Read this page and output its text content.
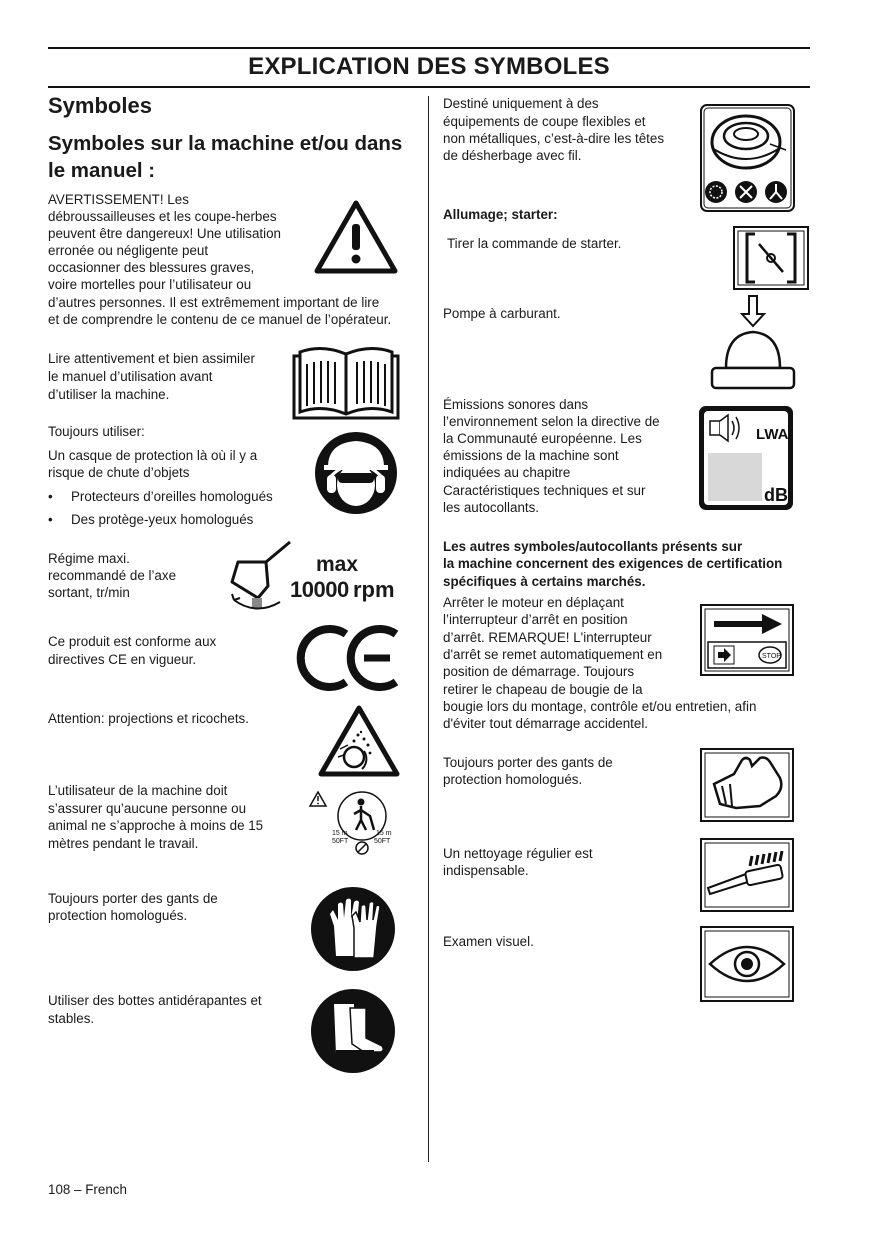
EXPLICATION DES SYMBOLES
Symboles
Symboles sur la machine et/ou dans le manuel :
AVERTISSEMENT! Les
débroussailleuses et les coupe-herbes
peuvent être dangereux! Une utilisation
erronée ou négligente peut
occasionner des blessures graves,
voire mortelles pour l’utilisateur ou
d’autres personnes. Il est extrêmement important de lire
et de comprendre le contenu de ce manuel de l’opérateur.
Lire attentivement et bien assimiler
le manuel d’utilisation avant
d’utiliser la machine.
Toujours utiliser:
Un casque de protection là où il y a
risque de chute d’objets
• Protecteurs d’oreilles homologués
• Des protège-yeux homologués
Régime maxi.
recommandé de l’axe
sortant, tr/min
max
10000 rpm
Ce produit est conforme aux
directives CE en vigueur.
Attention: projections et ricochets.
L’utilisateur de la machine doit
s’assurer qu’aucune personne ou
animal ne s’approche à moins de 15
mètres pendant le travail.
15 m
50FT
15 m
50FT
Toujours porter des gants de
protection homologués.
Utiliser des bottes antidérapantes et
stables.
Destiné uniquement à des
équipements de coupe flexibles et
non métalliques, c’est-à-dire les têtes
de désherbage avec fil.
Allumage; starter:
Tirer la commande de starter.
Pompe à carburant.
Émissions sonores dans
l’environnement selon la directive de
la Communauté européenne. Les
émissions de la machine sont
indiquées au chapitre
Caractéristiques techniques et sur
les autocollants.
LWA
dB
Les autres symboles/autocollants présents sur
la machine concernent des exigences de certification
spécifiques à certains marchés.
Arrêter le moteur en déplaçant
l’interrupteur d’arrêt en position
d’arrêt. REMARQUE! L'interrupteur
d'arrêt se remet automatiquement en
position de démarrage. Toujours
retirer le chapeau de bougie de la
bougie lors du montage, contrôle et/ou entretien, afin
d'éviter tout démarrage accidentel.
STOP
Toujours porter des gants de
protection homologués.
Un nettoyage régulier est
indispensable.
Examen visuel.
108 – French
